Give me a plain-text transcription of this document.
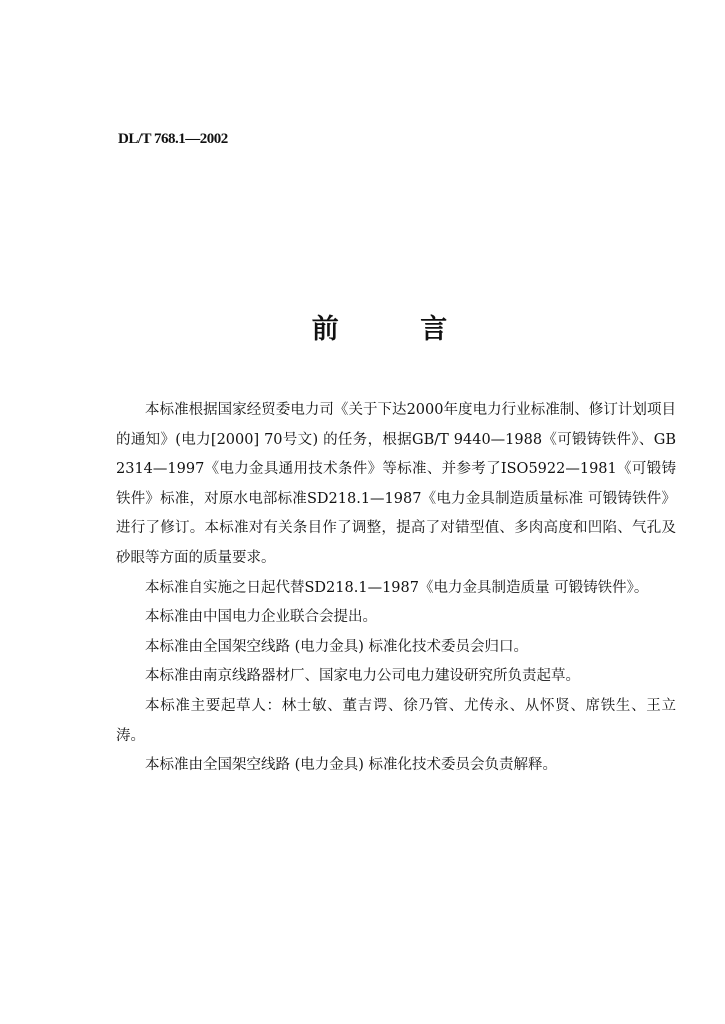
DL/T 768.1—2002
前 言

本标准根据国家经贸委电力司《关于下达2000年度电力行业标准制、修订计划项目的通知》(电力[2000] 70号文) 的任务，根据GB/T 9440—1988《可锻铸铁件》、GB2314—1997《电力金具通用技术条件》等标准、并参考了ISO5922—1981《可锻铸铁件》标准，对原水电部标准SD218.1—1987《电力金具制造质量标准 可锻铸铁件》进行了修订。本标准对有关条目作了调整，提高了对错型值、多肉高度和凹陷、气孔及砂眼等方面的质量要求。

本标准自实施之日起代替SD218.1—1987《电力金具制造质量 可锻铸铁件》。

本标准由中国电力企业联合会提出。

本标准由全国架空线路 (电力金具) 标准化技术委员会归口。

本标准由南京线路器材厂、国家电力公司电力建设研究所负责起草。

本标准主要起草人：林士敏、董吉谔、徐乃管、尤传永、从怀贤、席铁生、王立涛。

本标准由全国架空线路 (电力金具) 标准化技术委员会负责解释。
